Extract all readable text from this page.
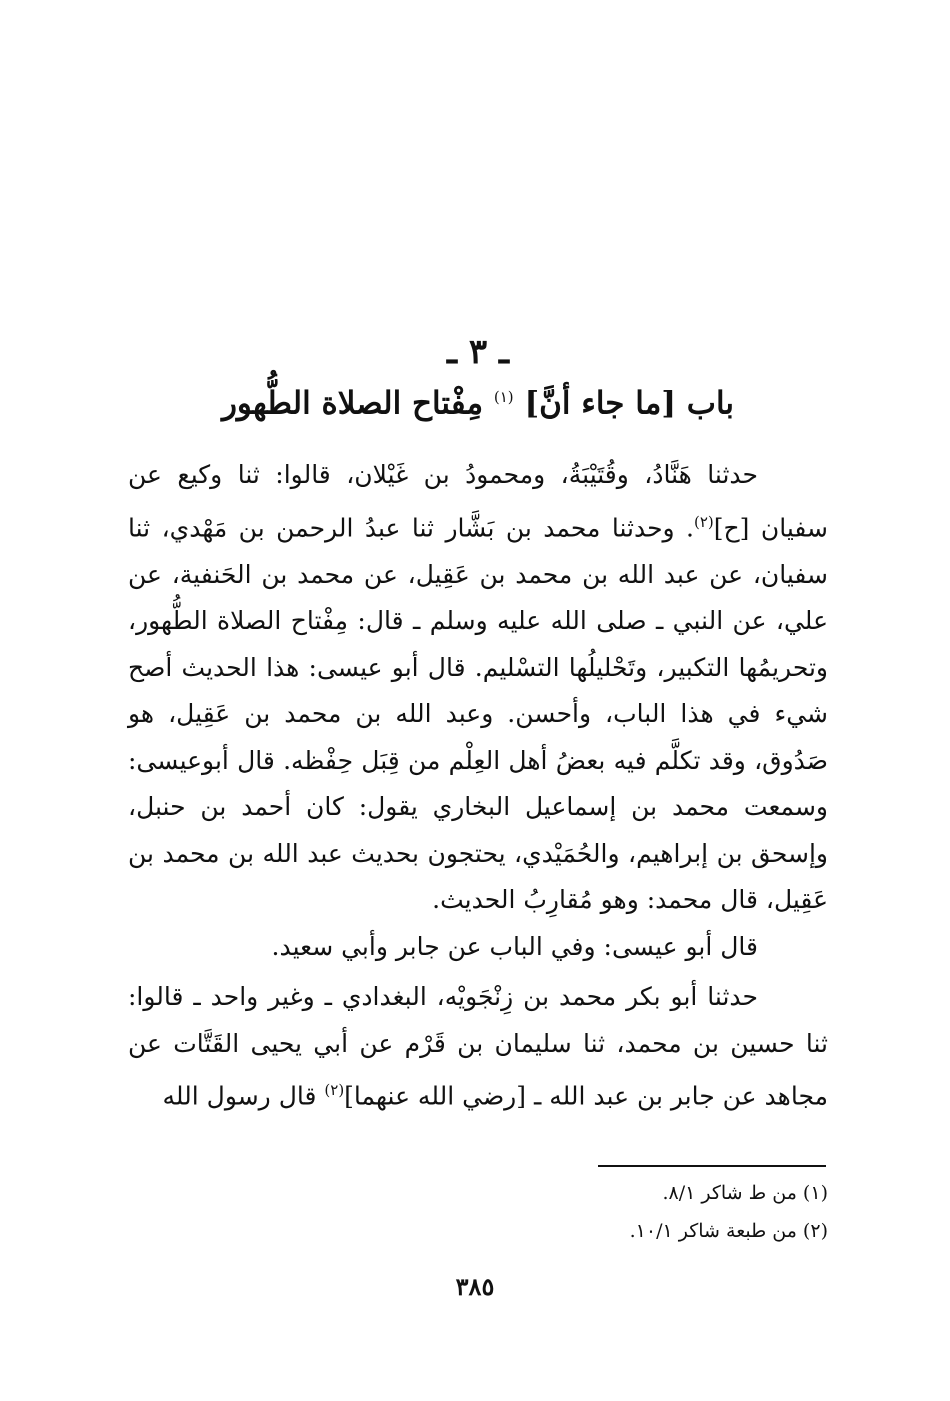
ـ ٣ ـ

باب [ما جاء أنَّ] $^{(١)}$ مِفْتاح الصلاة الطُّهور

حدثنا هَنَّادُ، وقُتَيْبَةُ، ومحمودُ بن غَيْلان، قالوا: ثنا وكيع عن سفيان [ح]$^{(٢)}$. وحدثنا محمد بن بَشَّار ثنا عبدُ الرحمن بن مَهْدي، ثنا سفيان، عن عبد الله بن محمد بن عَقِيل، عن محمد بن الحَنفية، عن علي، عن النبي ـ صلى الله عليه وسلم ـ قال: مِفْتاح الصلاة الطُّهور، وتحريمُها التكبير، وتَحْليلُها التسْليم. قال أبو عيسى: هذا الحديث أصح شيء في هذا الباب، وأحسن. وعبد الله بن محمد بن عَقِيل، هو صَدُوق، وقد تكلَّم فيه بعضُ أهل العِلْم من قِبَل حِفْظه. قال أبوعيسى: وسمعت محمد بن إسماعيل البخاري يقول: كان أحمد بن حنبل، وإسحق بن إبراهيم، والحُمَيْدي، يحتجون بحديث عبد الله بن محمد بن عَقِيل، قال محمد: وهو مُقارِبُ الحديث.

قال أبو عيسى: وفي الباب عن جابر وأبي سعيد.

حدثنا أبو بكر محمد بن زِنْجَويْه، البغدادي ـ وغير واحد ـ قالوا: ثنا حسين بن محمد، ثنا سليمان بن قَرْم عن أبي يحيى القَتَّات عن مجاهد عن جابر بن عبد الله ـ [رضي الله عنهما]$^{(٢)}$ قال رسول الله

(١) من ط شاكر ٨/١.

(٢) من طبعة شاكر ١٠/١.

٣٨٥
